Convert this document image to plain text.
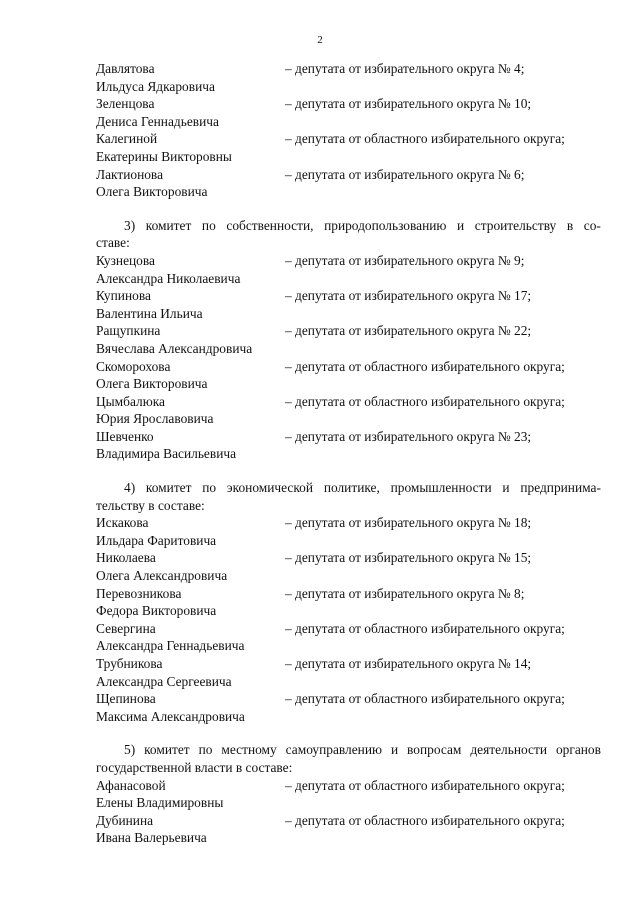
2
Давлятова	– депутата от избирательного округа № 4;
Ильдуса Ядкаровича
Зеленцова	– депутата от избирательного округа № 10;
Дениса Геннадьевича
Калегиной	– депутата от областного избирательного округа;
Екатерины Викторовны
Лактионова	– депутата от избирательного округа № 6;
Олега Викторовича
3) комитет по собственности, природопользованию и строительству в со-
ставе:
Кузнецова	– депутата от избирательного округа № 9;
Александра Николаевича
Купинова	– депутата от избирательного округа № 17;
Валентина Ильича
Ращупкина	– депутата от избирательного округа № 22;
Вячеслава Александровича
Скоморохова	– депутата от областного избирательного округа;
Олега Викторовича
Цымбалюка	– депутата от областного избирательного округа;
Юрия Ярославовича
Шевченко	– депутата от избирательного округа № 23;
Владимира Васильевича
4) комитет по экономической политике, промышленности и предпринима-
тельству в составе:
Искакова	– депутата от избирательного округа № 18;
Ильдара Фаритовича
Николаева	– депутата от избирательного округа № 15;
Олега Александровича
Перевозникова	– депутата от избирательного округа № 8;
Федора Викторовича
Севергина	– депутата от областного избирательного округа;
Александра Геннадьевича
Трубникова	– депутата от избирательного округа № 14;
Александра Сергеевича
Щепинова	– депутата от областного избирательного округа;
Максима Александровича
5) комитет по местному самоуправлению и вопросам деятельности органов
государственной власти в составе:
Афанасовой	– депутата от областного избирательного округа;
Елены Владимировны
Дубинина	– депутата от областного избирательного округа;
Ивана Валерьевича
